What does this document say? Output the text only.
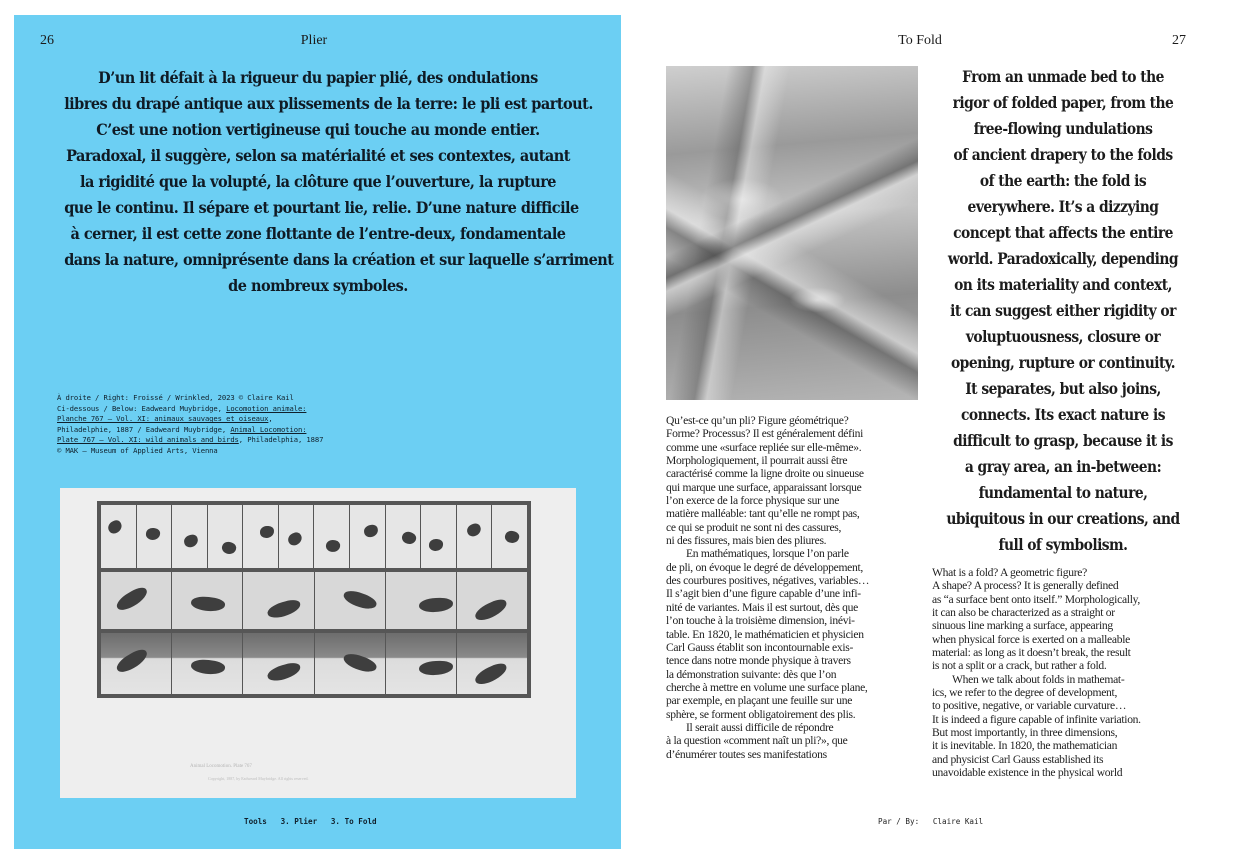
26	Plier
D’un lit défait à la rigueur du papier plié, des ondulations
libres du drapé antique aux plissements de la terre: le pli est partout.
C’est une notion vertigineuse qui touche au monde entier.
Paradoxal, il suggère, selon sa matérialité et ses contextes, autant
la rigidité que la volupté, la clôture que l’ouverture, la rupture
que le continu. Il sépare et pourtant lie, relie. D’une nature difficile
à cerner, il est cette zone flottante de l’entre-deux, fondamentale
dans la nature, omniprésente dans la création et sur laquelle s’arriment
de nombreux symboles.
À droite / Right: Froissé / Wrinkled, 2023 © Claire Kail
Ci-dessous / Below: Eadweard Muybridge, Locomotion animale:
Planche 767 – Vol. XI: animaux sauvages et oiseaux,
Philadelphie, 1887 / Eadweard Muybridge, Animal Locomotion:
Plate 767 – Vol. XI: wild animals and birds, Philadelphia, 1887
© MAK – Museum of Applied Arts, Vienna
Animal Locomotion. Plate 767
Copyright, 1887, by Eadweard Muybridge. All rights reserved.
Tools   3. Plier   3. To Fold
To Fold	27
From an unmade bed to the
rigor of folded paper, from the
free-flowing undulations
of ancient drapery to the folds
of the earth: the fold is
everywhere. It’s a dizzying
concept that affects the entire
world. Paradoxically, depending
on its materiality and context,
it can suggest either rigidity or
voluptuousness, closure or
opening, rupture or continuity.
It separates, but also joins,
connects. Its exact nature is
difficult to grasp, because it is
a gray area, an in-between:
fundamental to nature,
ubiquitous in our creations, and
full of symbolism.
Qu’est-ce qu’un pli? Figure géométrique?
Forme? Processus? Il est généralement défini
comme une «surface repliée sur elle-même».
Morphologiquement, il pourrait aussi être
caractérisé comme la ligne droite ou sinueuse
qui marque une surface, apparaissant lorsque
l’on exerce de la force physique sur une
matière malléable: tant qu’elle ne rompt pas,
ce qui se produit ne sont ni des cassures,
ni des fissures, mais bien des pliures.
En mathématiques, lorsque l’on parle
de pli, on évoque le degré de développement,
des courbures positives, négatives, variables…
Il s’agit bien d’une figure capable d’une infi-
nité de variantes. Mais il est surtout, dès que
l’on touche à la troisième dimension, inévi-
table. En 1820, le mathématicien et physicien
Carl Gauss établit son incontournable exis-
tence dans notre monde physique à travers
la démonstration suivante: dès que l’on
cherche à mettre en volume une surface plane,
par exemple, en plaçant une feuille sur une
sphère, se forment obligatoirement des plis.
Il serait aussi difficile de répondre
à la question «comment naît un pli?», que
d’énumérer toutes ses manifestations
What is a fold? A geometric figure?
A shape? A process? It is generally defined
as “a surface bent onto itself.” Morphologically,
it can also be characterized as a straight or
sinuous line marking a surface, appearing
when physical force is exerted on a malleable
material: as long as it doesn’t break, the result
is not a split or a crack, but rather a fold.
When we talk about folds in mathemat-
ics, we refer to the degree of development,
to positive, negative, or variable curvature…
It is indeed a figure capable of infinite variation.
But most importantly, in three dimensions,
it is inevitable. In 1820, the mathematician
and physicist Carl Gauss established its
unavoidable existence in the physical world
Par / By:   Claire Kail
